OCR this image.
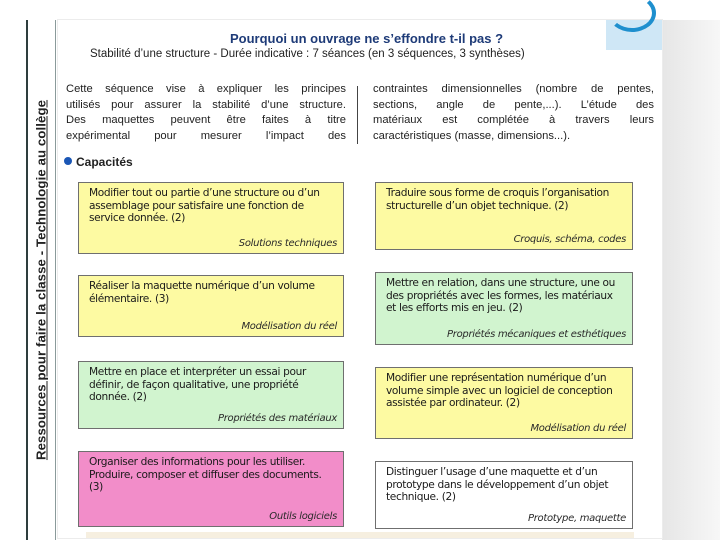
Ressources pour faire la classe - Technologie au collège
Pourquoi un ouvrage ne s’effondre t-il pas ?
Stabilité d’une structure - Durée indicative : 7 séances (en 3 séquences, 3 synthèses)
Cette séquence vise à expliquer les principes
utilisés pour assurer la stabilité d’une structure.
Des maquettes peuvent être faites à titre
expérimental pour mesurer l’impact des
contraintes dimensionnelles (nombre de pentes,
sections, angle de pente,...). L’étude des
matériaux est complétée à travers leurs

caractéristiques (masse, dimensions...).
Capacités
Modifier tout ou partie d’une structure ou d’un assemblage pour satisfaire une fonction de service donnée. (2)
Solutions techniques
Traduire sous forme de croquis l’organisation structurelle d’un objet technique. (2)
Croquis, schéma, codes
Réaliser la maquette numérique d’un volume élémentaire. (3)
Modélisation du réel
Mettre en relation, dans une structure, une ou des propriétés avec les formes, les matériaux et les efforts mis en jeu. (2)
Propriétés mécaniques et esthétiques
Mettre en place et interpréter un essai pour définir, de façon qualitative, une propriété donnée. (2)
Propriétés des matériaux
Modifier une représentation numérique d’un volume simple avec un logiciel de conception assistée par ordinateur. (2)
Modélisation du réel
Organiser des informations pour les utiliser. Produire, composer et diffuser des documents. (3)
Outils logiciels
Distinguer l’usage d’une maquette et d’un prototype dans le développement d’un objet technique. (2)
Prototype, maquette
